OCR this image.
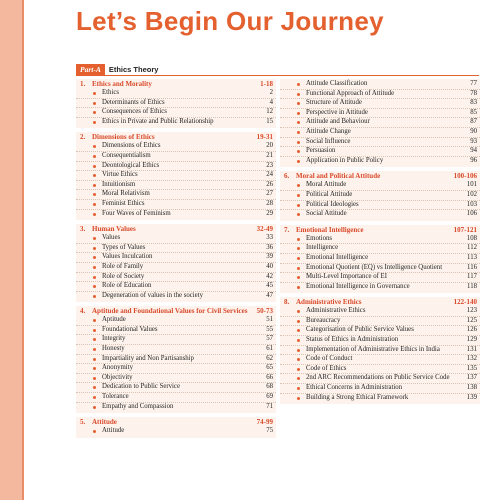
Let’s Begin Our Journey
Part-A	Ethics Theory
1. Ethics and Morality	1-18
Ethics	2
Determinants of Ethics	4
Consequences of Ethics	12
Ethics in Private and Public Relationship	15
2. Dimensions of Ethics	19-31
Dimensions of Ethics	20
Consequentialism	21
Deontological Ethics	23
Virtue Ethics	24
Intuitionism	26
Moral Relativism	27
Feminist Ethics	28
Four Waves of Feminism	29
3. Human Values	32-49
Values	33
Types of Values	36
Values Inculcation	39
Role of Family	40
Role of Society	42
Role of Education	45
Degeneration of values in the society	47
4. Aptitude and Foundational Values for Civil Services	50-73
Aptitude	51
Foundational Values	55
Integrity	57
Honesty	61
Impartiality and Non Partisanship	62
Anonymity	65
Objectivity	66
Dedication to Public Service	68
Tolerance	69
Empathy and Compassion	71
5. Attitude	74-99
Attitude	75
Attitude Classification	77
Functional Approach of Attitude	78
Structure of Attitude	83
Perspective in Attitude	85
Attitude and Behaviour	87
Attitude Change	90
Social Influence	93
Persuasion	94
Application in Public Policy	96
6. Moral and Political Attitude	100-106
Moral Attitude	101
Political Attitude	102
Political Ideologies	103
Social Attitude	106
7. Emotional Intelligence	107-121
Emotions	108
Intelligence	112
Emotional Intelligence	113
Emotional Quotient (EQ) vs Intelligence Quotient	116
Multi-Level Importance of EI	117
Emotional Intelligence in Governance	118
8. Administrative Ethics	122-140
Administrative Ethics	123
Bureaucracy	125
Categorisation of Public Service Values	126
Status of Ethics in Administration	129
Implementation of Administrative Ethics in India	131
Code of Conduct	132
Code of Ethics	135
2nd ARC Recommendations on Public Service Code	137
Ethical Concerns in Administration	138
Building a Strong Ethical Framework	139
